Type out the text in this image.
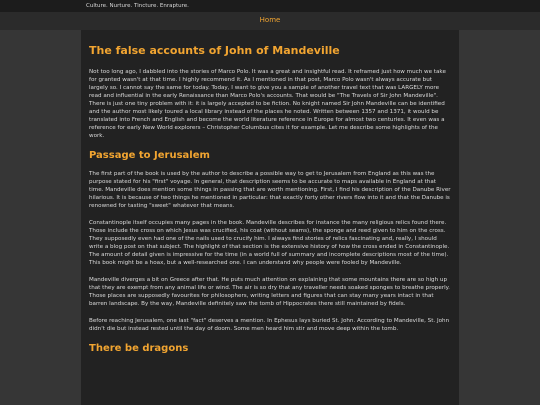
Culture. Nurture. Tincture. Enrapture.
Home
The false accounts of John of Mandeville

Not too long ago, I dabbled into the stories of Marco Polo. It was a great and insightful read. It reframed just how much we take for granted wasn't at that time. I highly recommend it. As I mentioned in that post, Marco Polo wasn't always accurate but largely so. I cannot say the same for today. Today, I want to give you a sample of another travel text that was LARGELY more read and influential in the early Renaissance than Marco Polo's accounts. That would be "The Travels of Sir John Mandeville". There is just one tiny problem with it: it is largely accepted to be fiction. No knight named Sir John Mandeville can be identified and the author most likely toured a local library instead of the places he noted. Written between 1357 and 1371, it would be translated into French and English and become the world literature reference in Europe for almost two centuries. It even was a reference for early New World explorers – Christopher Columbus cites it for example. Let me describe some highlights of the work.

Passage to Jerusalem

The first part of the book is used by the author to describe a possible way to get to Jerusalem from England as this was the purpose stated for his "first" voyage. In general, that description seems to be accurate to maps available in England at that time. Mandeville does mention some things in passing that are worth mentioning. First, I find his description of the Danube River hilarious. It is because of two things he mentioned in particular: that exactly forty other rivers flow into it and that the Danube is renowned for tasting "sweet" whatever that means.

Constantinople itself occupies many pages in the book. Mandeville describes for instance the many religious relics found there. Those include the cross on which Jesus was crucified, his coat (without seams), the sponge and reed given to him on the cross. They supposedly even had one of the nails used to crucify him. I always find stories of relics fascinating and, really, I should write a blog post on that subject. The highlight of that section is the extensive history of how the cross ended in Constantinople. The amount of detail given is impressive for the time (in a world full of summary and incomplete descriptions most of the time). This book might be a hoax, but a well-researched one. I can understand why people were fooled by Mandeville.

Mandeville diverges a bit on Greece after that. He puts much attention on explaining that some mountains there are so high up that they are exempt from any animal life or wind. The air is so dry that any traveller needs soaked sponges to breathe properly. Those places are supposedly favourites for philosophers, writing letters and figures that can stay many years intact in that barren landscape. By the way, Mandeville definitely saw the tomb of Hippocrates there still maintained by fidels.

Before reaching Jerusalem, one last "fact" deserves a mention. In Ephesus lays buried St. John. According to Mandeville, St. John didn't die but instead rested until the day of doom. Some men heard him stir and move deep within the tomb.

There be dragons
